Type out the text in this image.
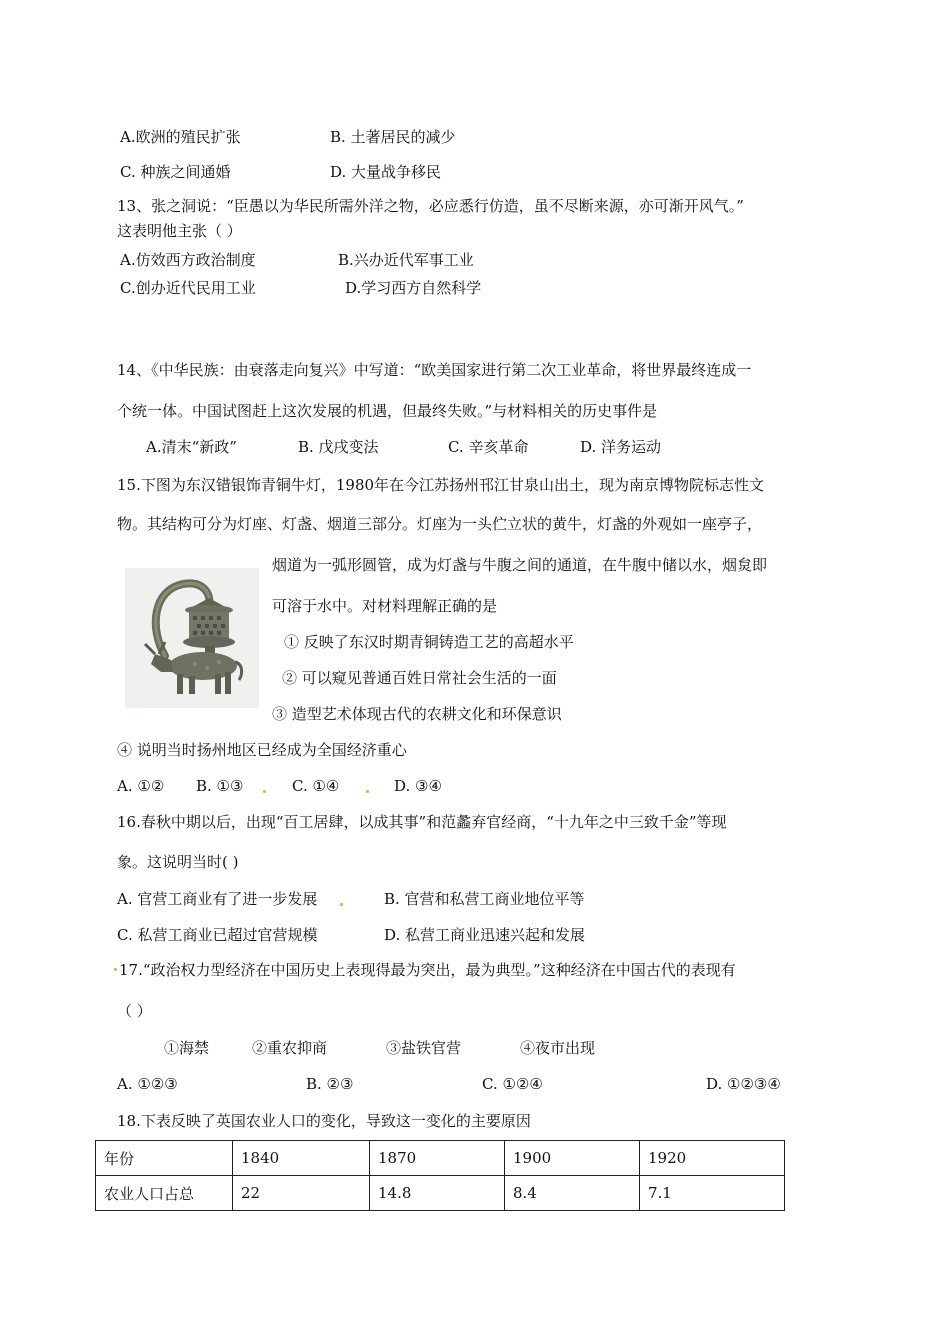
A.欧洲的殖民扩张	B. 土著居民的减少
C. 种族之间通婚	D. 大量战争移民
13、张之洞说：“臣愚以为华民所需外洋之物，必应悉行仿造，虽不尽断来源，亦可渐开风气。”
这表明他主张（ ）
A.仿效西方政治制度	B.兴办近代军事工业
C.创办近代民用工业	D.学习西方自然科学
14、《中华民族：由衰落走向复兴》中写道：“欧美国家进行第二次工业革命，将世界最终连成一
个统一体。中国试图赶上这次发展的机遇，但最终失败。”与材料相关的历史事件是
A.清末“新政”	B. 戊戌变法	C. 辛亥革命	D. 洋务运动
15.下图为东汉错银饰青铜牛灯，1980年在今江苏扬州邗江甘泉山出土，现为南京博物院标志性文
物。其结构可分为灯座、灯盏、烟道三部分。灯座为一头伫立状的黄牛，灯盏的外观如一座亭子，
烟道为一弧形圆管，成为灯盏与牛腹之间的通道，在牛腹中储以水，烟炱即
可溶于水中。对材料理解正确的是
① 反映了东汉时期青铜铸造工艺的高超水平
② 可以窥见普通百姓日常社会生活的一面
③ 造型艺术体现古代的农耕文化和环保意识
④ 说明当时扬州地区已经成为全国经济重心
A. ①② B. ①③	C. ①④	D. ③④
16.春秋中期以后，出现“百工居肆，以成其事”和范蠡弃官经商，“十九年之中三致千金”等现
象。这说明当时( )
A. 官营工商业有了进一步发展	B. 官营和私营工商业地位平等
C. 私营工商业已超过官营规模	D. 私营工商业迅速兴起和发展
17.“政治权力型经济在中国历史上表现得最为突出，最为典型。”这种经济在中国古代的表现有
（ ）
①海禁	②重农抑商	③盐铁官营	④夜市出现
A. ①②③	B. ②③	C. ①②④	D. ①②③④
18.下表反映了英国农业人口的变化，导致这一变化的主要原因
年份	1840	1870	1900	1920
农业人口占总	22	14.8	8.4	7.1
